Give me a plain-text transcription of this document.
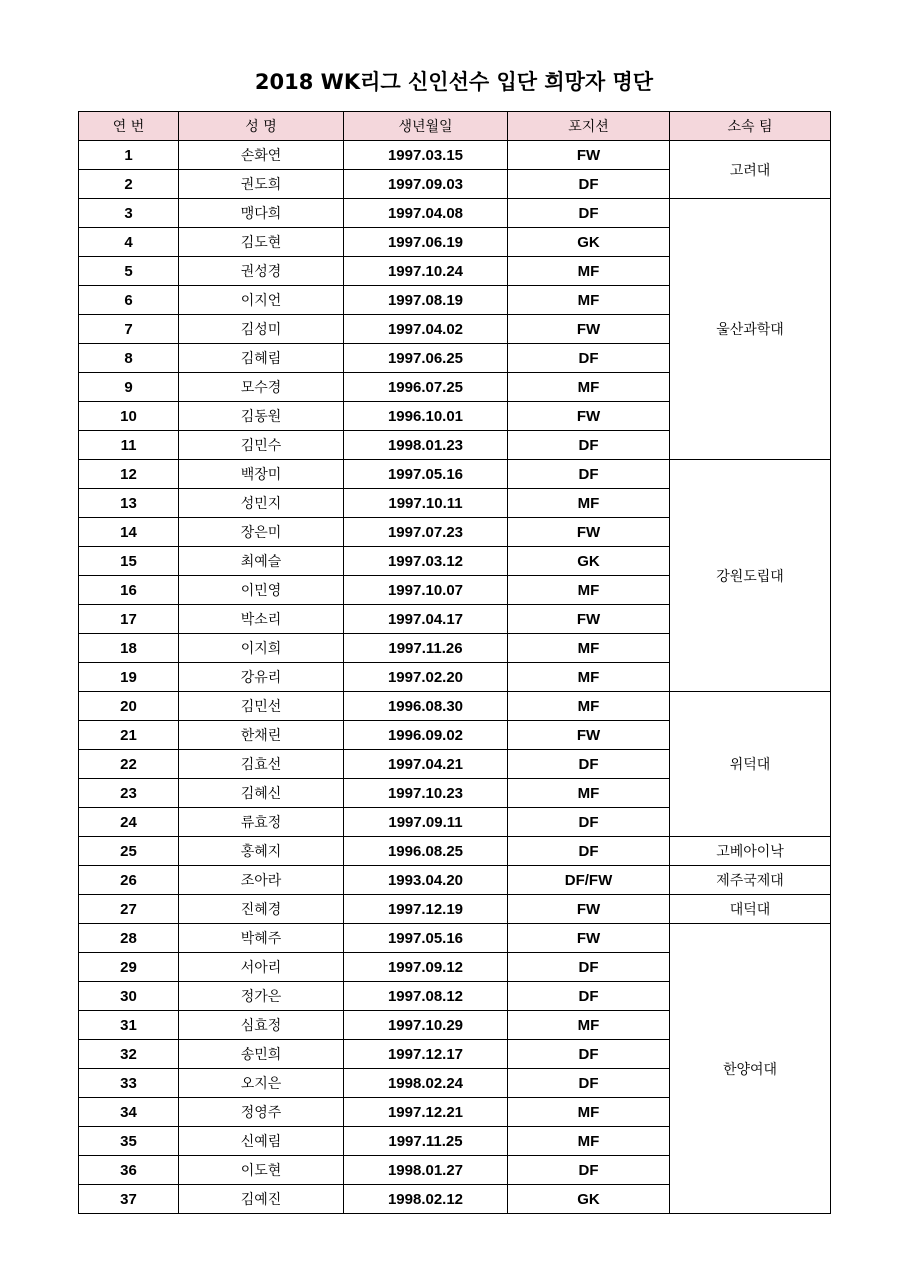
2018 WK리그 신인선수 입단 희망자 명단
연 번	성 명	생년월일	포지션	소속 팀
1	손화연	1997.03.15	FW	고려대
2	권도희	1997.09.03	DF	
3	맹다희	1997.04.08	DF	울산과학대
4	김도현	1997.06.19	GK	
5	권성경	1997.10.24	MF	
6	이지언	1997.08.19	MF	
7	김성미	1997.04.02	FW	
8	김혜림	1997.06.25	DF	
9	모수경	1996.07.25	MF	
10	김동원	1996.10.01	FW	
11	김민수	1998.01.23	DF	
12	백장미	1997.05.16	DF	강원도립대
13	성민지	1997.10.11	MF	
14	장은미	1997.07.23	FW	
15	최예슬	1997.03.12	GK	
16	이민영	1997.10.07	MF	
17	박소리	1997.04.17	FW	
18	이지희	1997.11.26	MF	
19	강유리	1997.02.20	MF	
20	김민선	1996.08.30	MF	위덕대
21	한채린	1996.09.02	FW	
22	김효선	1997.04.21	DF	
23	김혜신	1997.10.23	MF	
24	류효정	1997.09.11	DF	
25	홍혜지	1996.08.25	DF	고베아이낙
26	조아라	1993.04.20	DF/FW	제주국제대
27	진혜경	1997.12.19	FW	대덕대
28	박혜주	1997.05.16	FW	한양여대
29	서아리	1997.09.12	DF	
30	정가은	1997.08.12	DF	
31	심효정	1997.10.29	MF	
32	송민희	1997.12.17	DF	
33	오지은	1998.02.24	DF	
34	정영주	1997.12.21	MF	
35	신예림	1997.11.25	MF	
36	이도현	1998.01.27	DF	
37	김예진	1998.02.12	GK	
